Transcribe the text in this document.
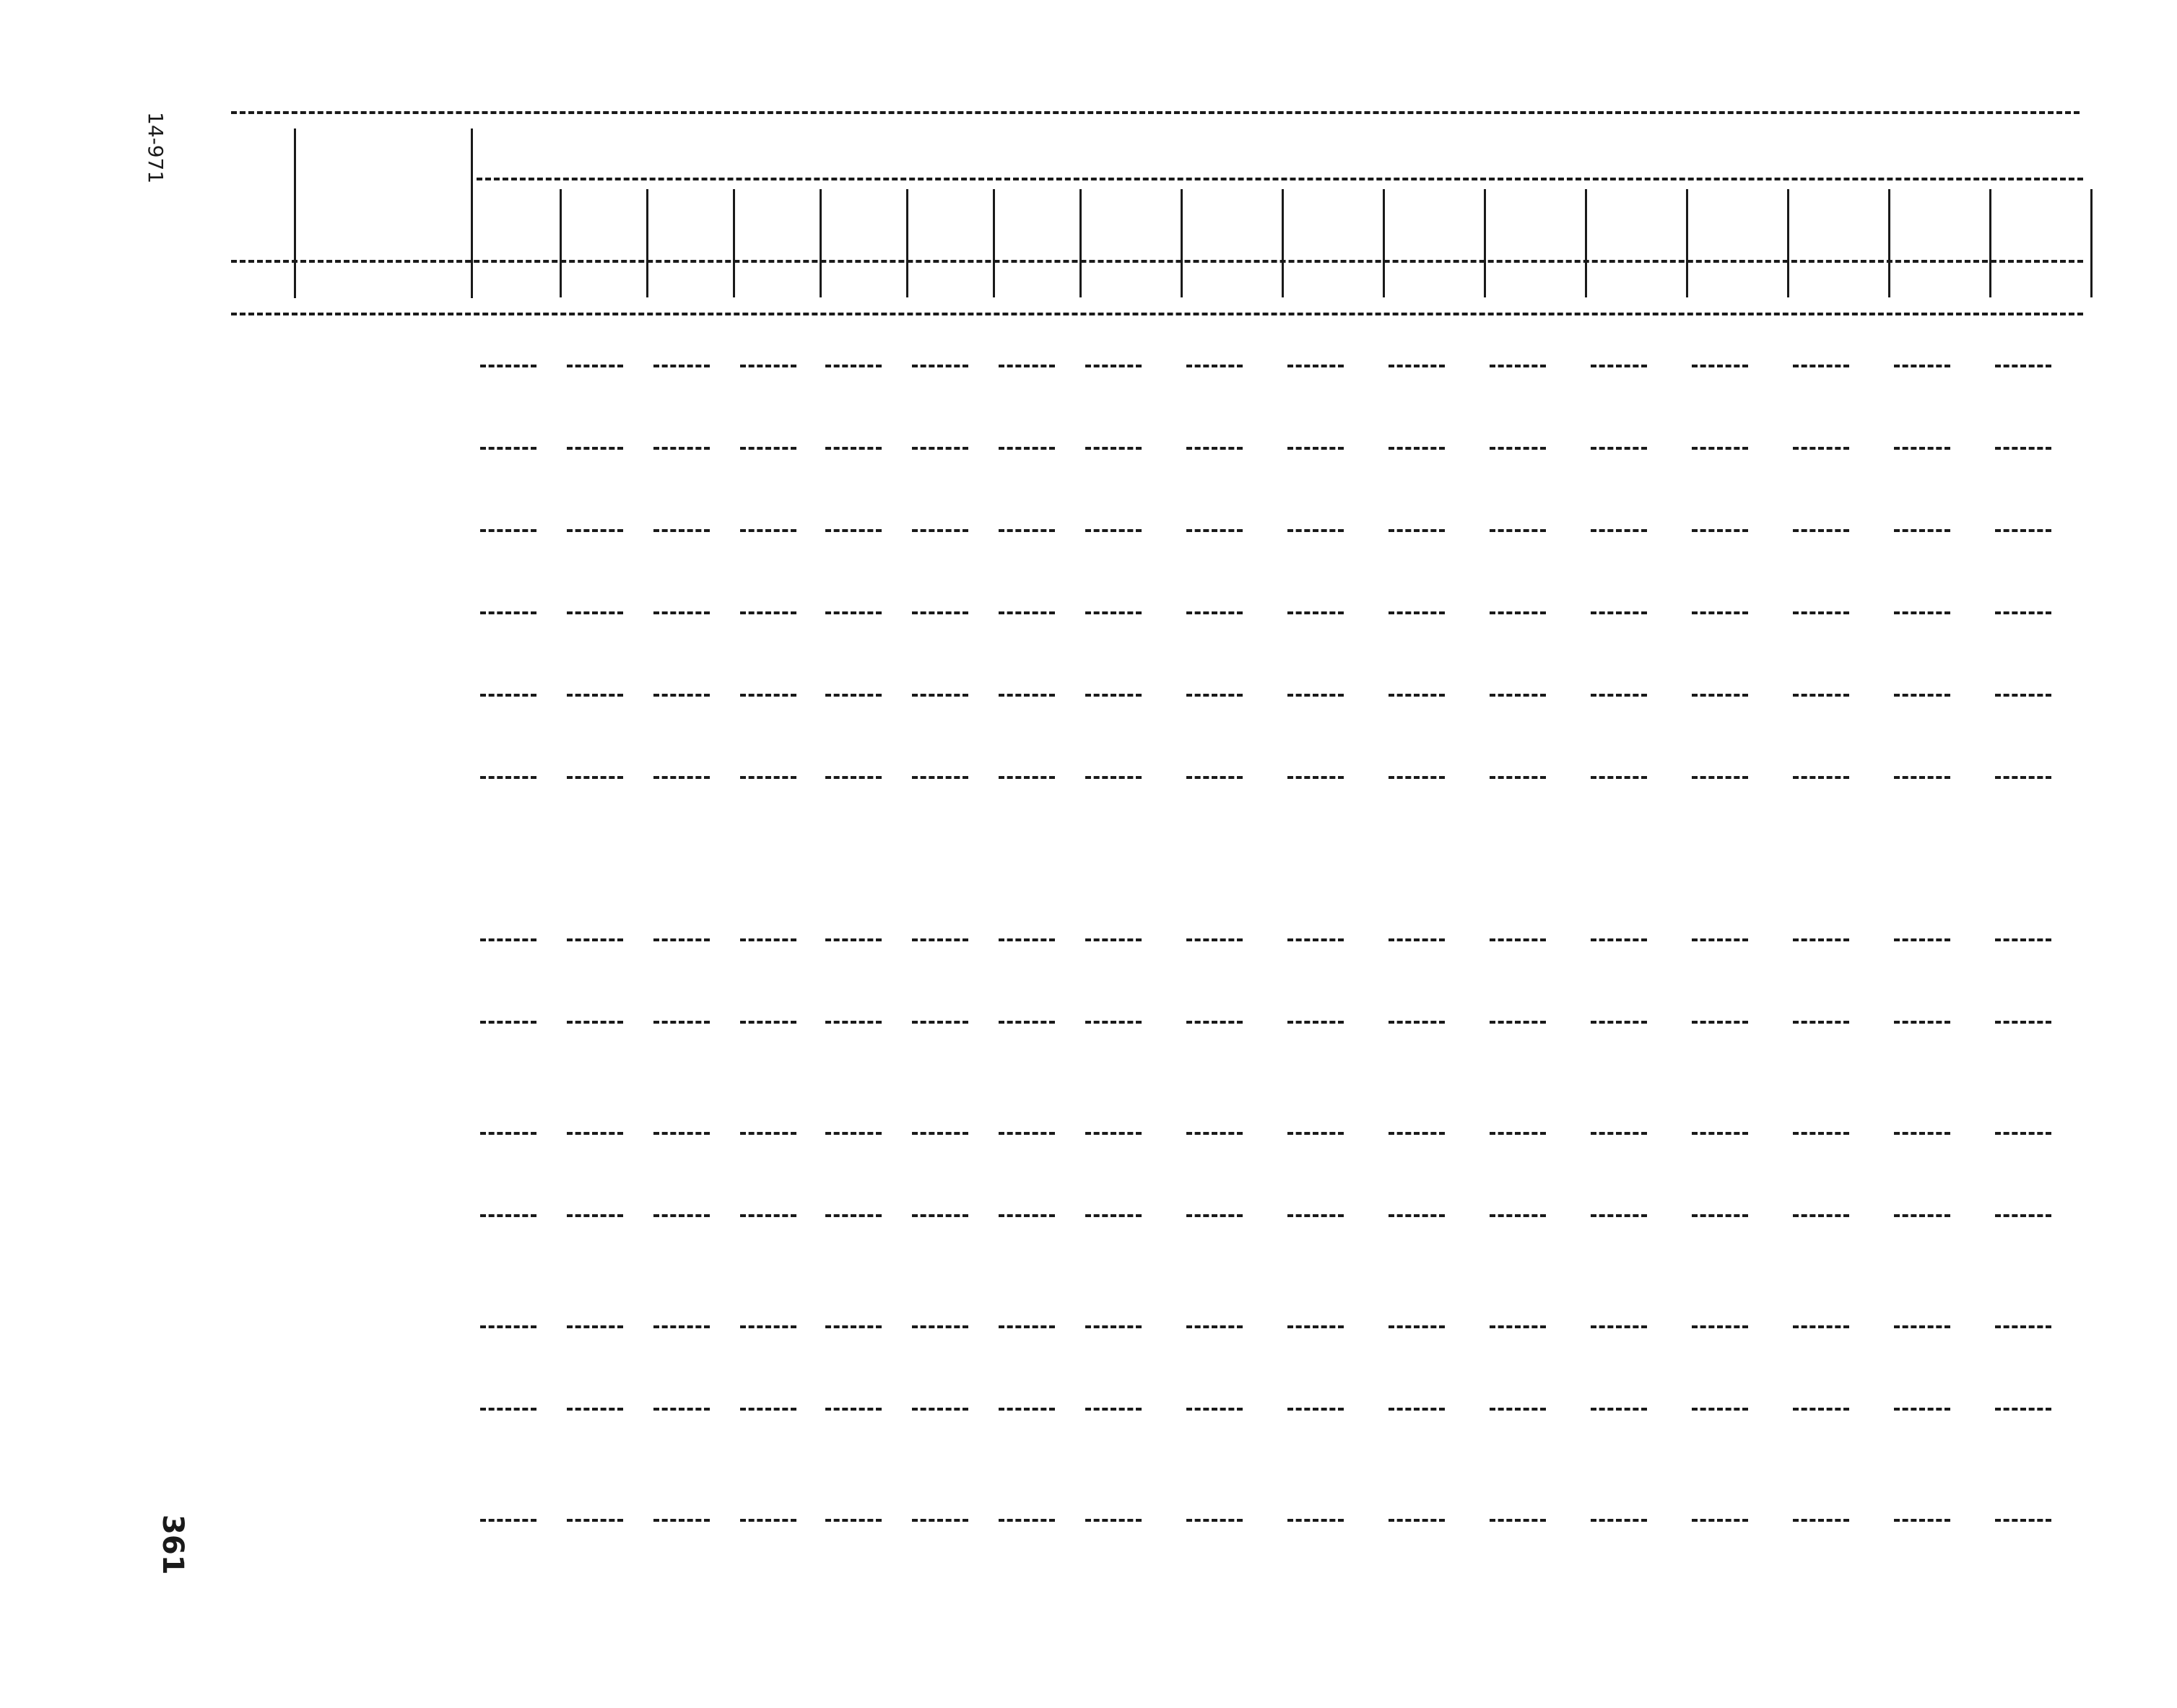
14-971
361
